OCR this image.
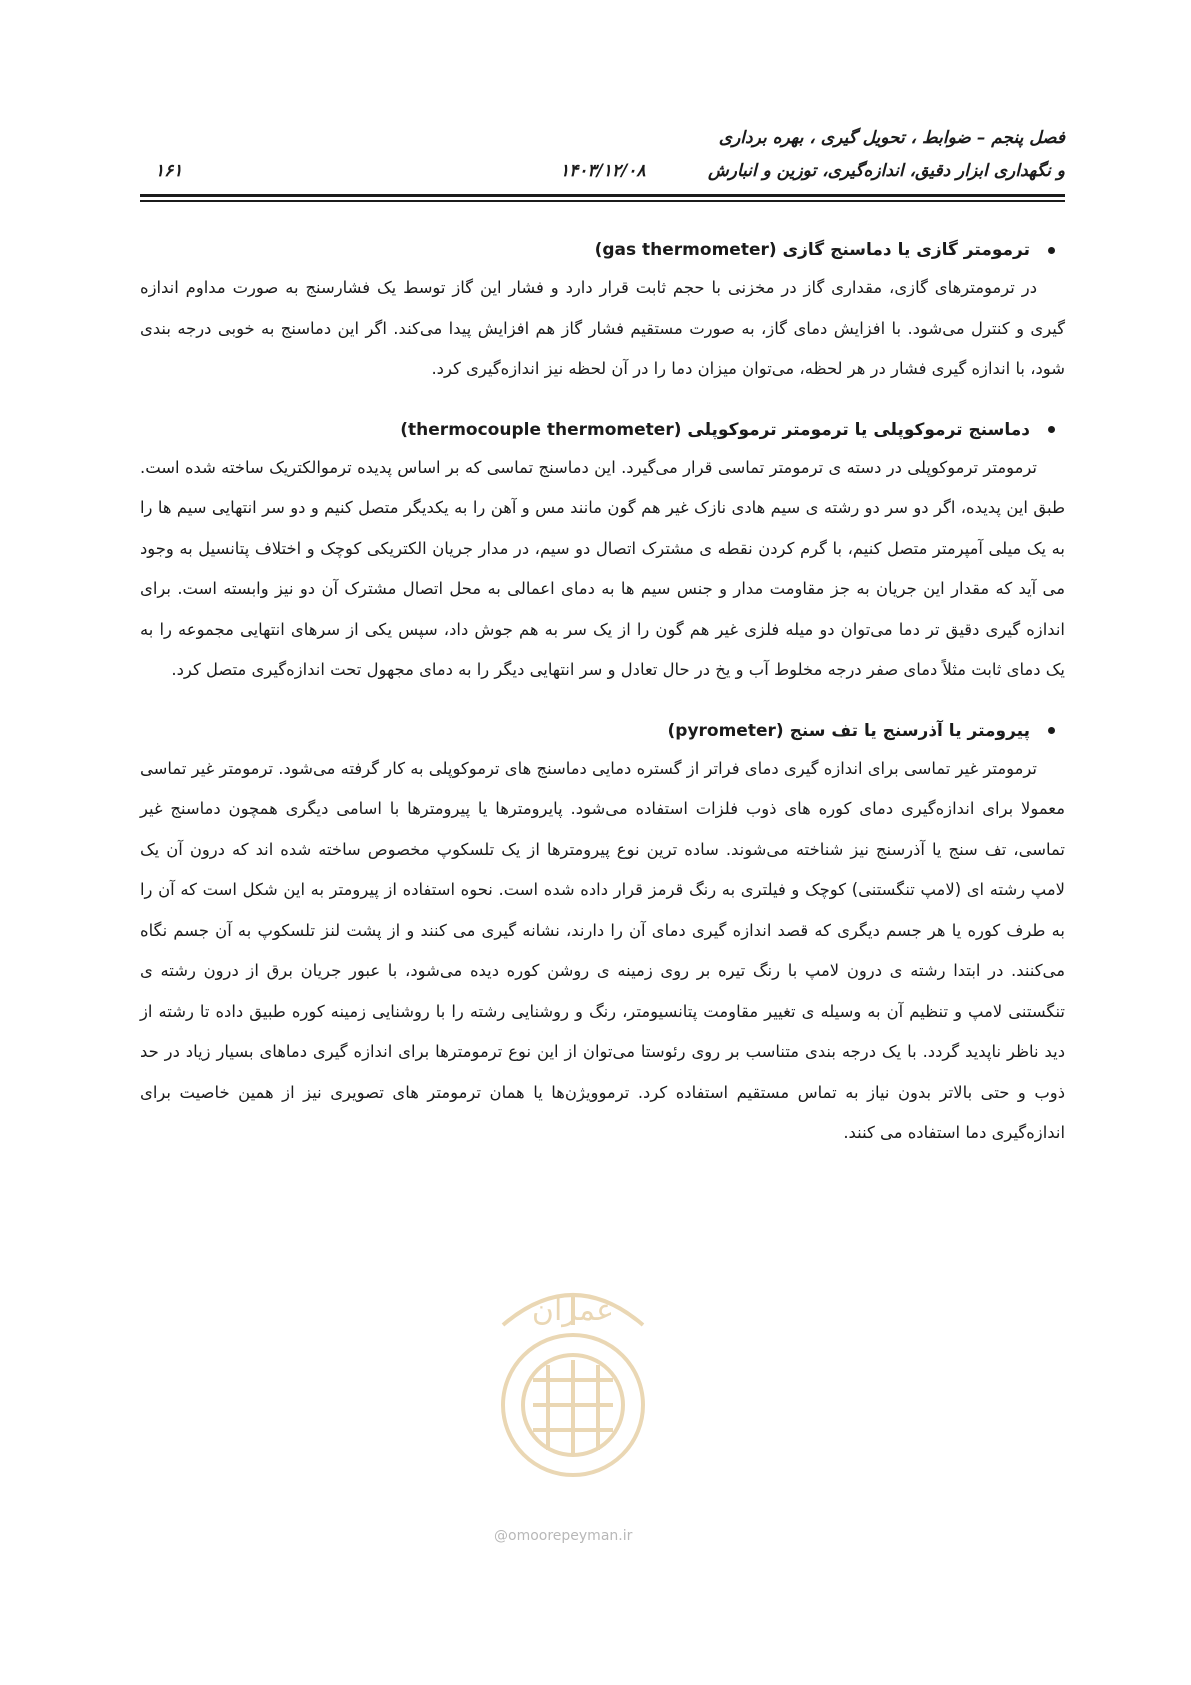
فصل پنجم – ضوابط ، تحویل گیری ، بهره برداری
و نگهداری ابزار دقیق، اندازه‌گیری، توزین و انبارش
۱۴۰۳/۱۲/۰۸
۱۶۱
ترمومتر گازی یا دماسنج گازی (gas thermometer)

در ترمومترهای گازی، مقداری گاز در مخزنی با حجم ثابت قرار دارد و فشار این گاز توسط یک فشارسنج به صورت مداوم اندازه گیری و کنترل می‌شود. با افزایش دمای گاز، به صورت مستقیم فشار گاز هم افزایش پیدا می‌کند. اگر این دماسنج به خوبی درجه بندی شود، با اندازه گیری فشار در هر لحظه، می‌توان میزان دما را در آن لحظه نیز اندازه‌گیری کرد.

دماسنج ترموکوپلی یا ترمومتر ترموکوپلی (thermocouple thermometer)

ترمومتر ترموکوپلی در دسته ی ترمومتر تماسی قرار می‌گیرد. این دماسنج تماسی که بر اساس پدیده ترموالکتریک ساخته شده است. طبق این پدیده، اگر دو سر دو رشته ی سیم هادی نازک غیر هم گون مانند مس و آهن را به یکدیگر متصل کنیم و دو سر انتهایی سیم ها را به یک میلی آمپرمتر متصل کنیم، با گرم کردن نقطه ی مشترک اتصال دو سیم، در مدار جریان الکتریکی کوچک و اختلاف پتانسیل به وجود می آید که مقدار این جریان به جز مقاومت مدار و جنس سیم ها به دمای اعمالی به محل اتصال مشترک آن دو نیز وابسته است. برای اندازه گیری دقیق تر دما می‌توان دو میله فلزی غیر هم گون را از یک سر به هم جوش داد، سپس یکی از سرهای انتهایی مجموعه را به یک دمای ثابت مثلاً دمای صفر درجه مخلوط آب و یخ در حال تعادل و سر انتهایی دیگر را به دمای مجهول تحت اندازه‌گیری متصل کرد.

پیرومتر یا آذرسنج یا تف سنج (pyrometer)

ترمومتر غیر تماسی برای اندازه گیری دمای فراتر از گستره دمایی دماسنج های ترموکوپلی به کار گرفته می‌شود. ترمومتر غیر تماسی معمولا برای اندازه‌گیری دمای کوره های ذوب فلزات استفاده می‌شود. پایرومترها یا پیرومترها با اسامی دیگری همچون دماسنج غیر تماسی، تف سنج یا آذرسنج نیز شناخته می‌شوند. ساده ترین نوع پیرومترها از یک تلسکوپ مخصوص ساخته شده اند که درون آن یک لامپ رشته ای (لامپ تنگستنی) کوچک و فیلتری به رنگ قرمز قرار داده شده است. نحوه استفاده از پیرومتر به این شکل است که آن را به طرف کوره یا هر جسم دیگری که قصد اندازه گیری دمای آن را دارند، نشانه گیری می کنند و از پشت لنز تلسکوپ به آن جسم نگاه می‌کنند. در ابتدا رشته ی درون لامپ با رنگ تیره بر روی زمینه ی روشن کوره دیده می‌شود، با عبور جریان برق از درون رشته ی تنگستنی لامپ و تنظیم آن به وسیله ی تغییر مقاومت پتانسیومتر، رنگ و روشنایی رشته را با روشنایی زمینه کوره طبیق داده تا رشته از دید ناظر ناپدید گردد. با یک درجه بندی متناسب بر روی رئوستا می‌توان از این نوع ترمومترها برای اندازه گیری دماهای بسیار زیاد در حد ذوب و حتی بالاتر بدون نیاز به تماس مستقیم استفاده کرد. ترموویژن‌ها یا همان ترمومتر های تصویری نیز از همین خاصیت برای اندازه‌گیری دما استفاده می کنند.

عمران
@omoorepeyman.ir
